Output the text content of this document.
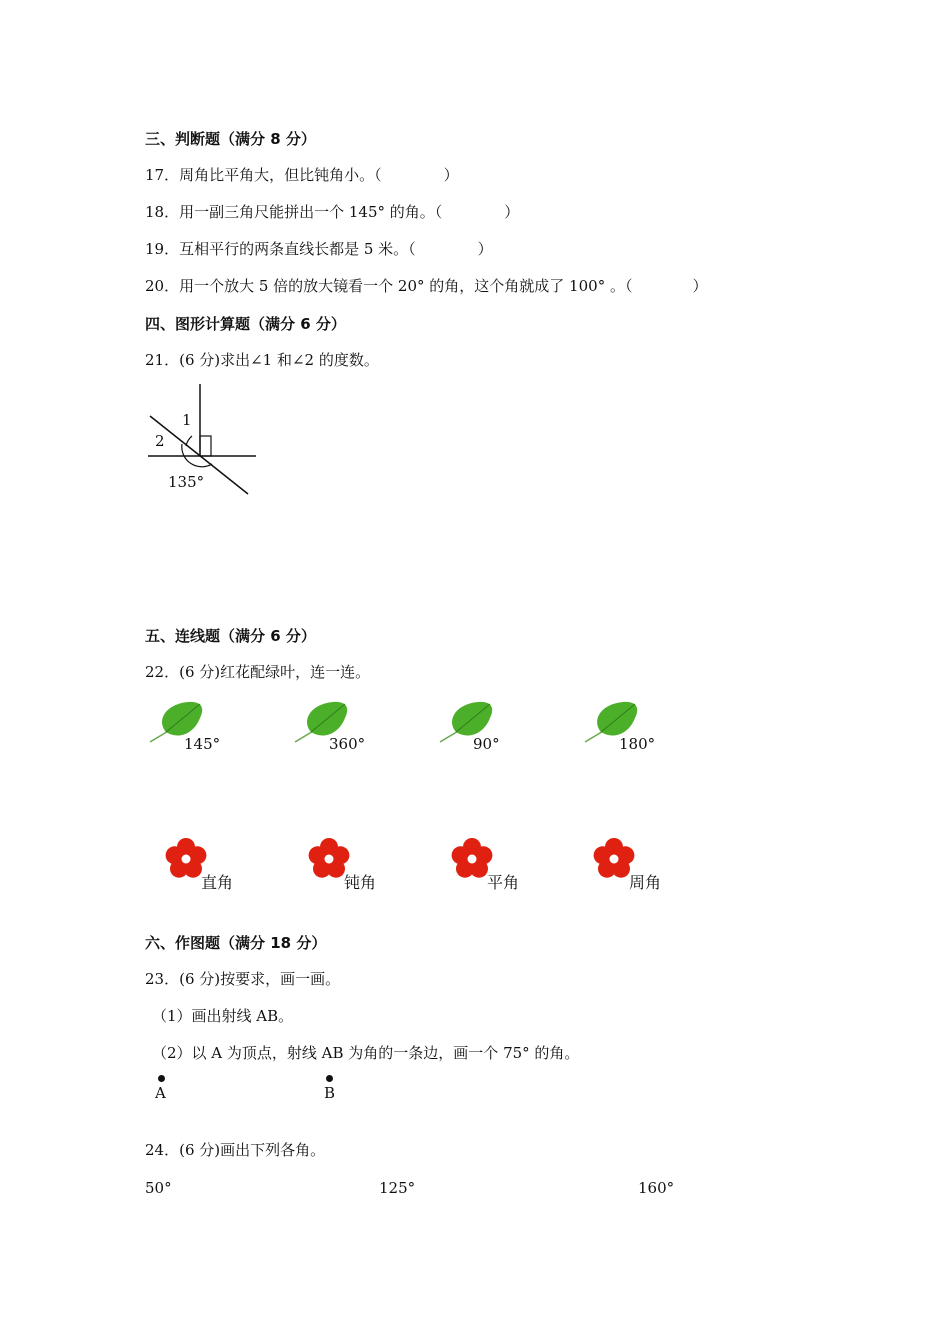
三、判断题（满分 8 分）
17．周角比平角大，但比钝角小。（	）
18．用一副三角尺能拼出一个 145° 的角。（	）
19．互相平行的两条直线长都是 5 米。（	）
20．用一个放大 5 倍的放大镜看一个 20° 的角，这个角就成了 100° 。（	）
四、图形计算题（满分 6 分）
21．(6 分)求出∠1 和∠2 的度数。
1
2
135°
五、连线题（满分 6 分）
22．(6 分)红花配绿叶，连一连。
145°	360°	90°	180°
直角	钝角	平角	周角
六、作图题（满分 18 分）
23．(6 分)按要求，画一画。
（1）画出射线 AB。
（2）以 A 为顶点，射线 AB 为角的一条边，画一个 75° 的角。
A	B
24．(6 分)画出下列各角。
50°	125°	160°
